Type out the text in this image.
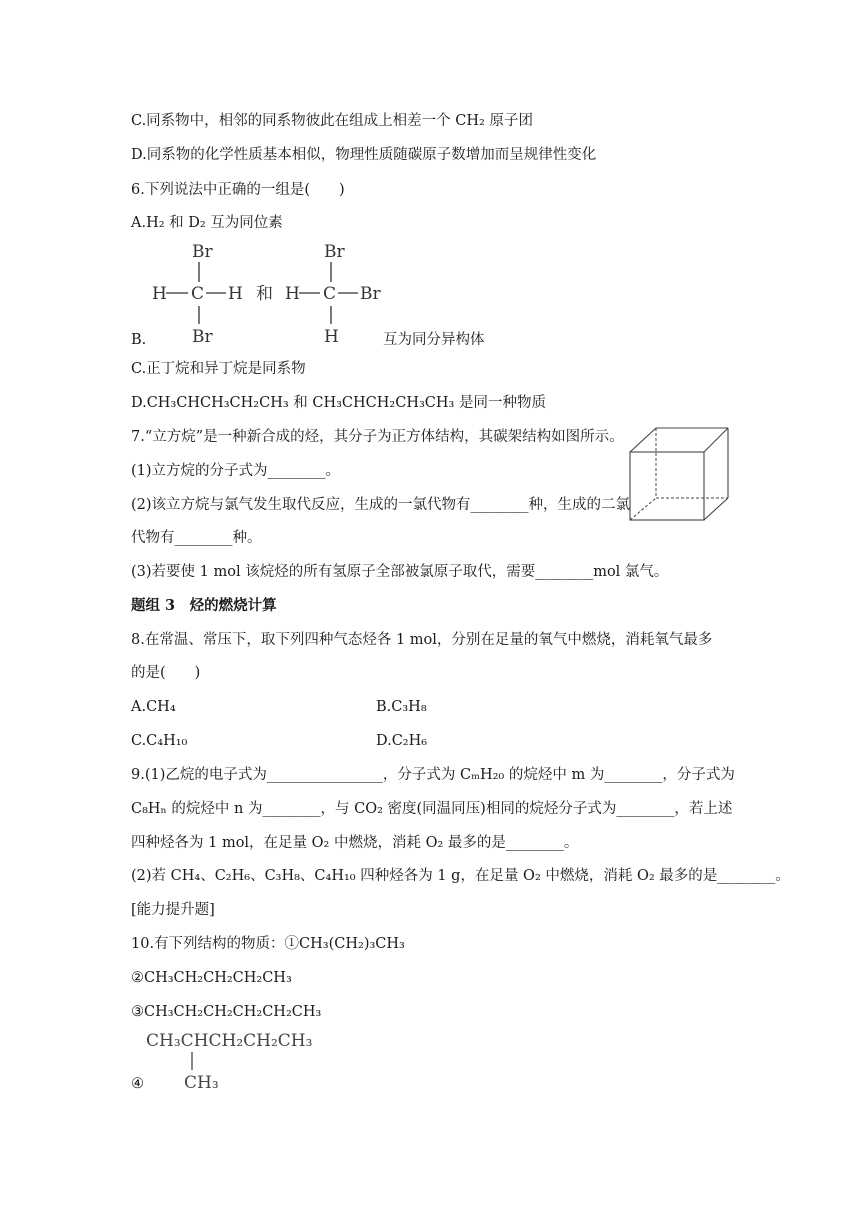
C.同系物中，相邻的同系物彼此在组成上相差一个 CH₂ 原子团
D.同系物的化学性质基本相似，物理性质随碳原子数增加而呈规律性变化
6.下列说法中正确的一组是(　　)
A.H₂ 和 D₂ 互为同位素
Br
H C H
Br
和
Br
H C Br
H
B.	互为同分异构体
C.正丁烷和异丁烷是同系物
D.CH₃CHCH₃CH₂CH₃ 和 CH₃CHCH₂CH₃CH₃ 是同一种物质
7.“立方烷”是一种新合成的烃，其分子为正方体结构，其碳架结构如图所示。
(1)立方烷的分子式为________。
(2)该立方烷与氯气发生取代反应，生成的一氯代物有________种，生成的二氯
代物有________种。
(3)若要使 1 mol 该烷烃的所有氢原子全部被氯原子取代，需要________mol 氯气。
题组 3　烃的燃烧计算
8.在常温、常压下，取下列四种气态烃各 1 mol，分别在足量的氧气中燃烧，消耗氧气最多
的是(　　)
A.CH₄	B.C₃H₈
C.C₄H₁₀	D.C₂H₆
9.(1)乙烷的电子式为________________，分子式为 CₘH₂₀ 的烷烃中 m 为________，分子式为
C₈Hₙ 的烷烃中 n 为________，与 CO₂ 密度(同温同压)相同的烷烃分子式为________，若上述
四种烃各为 1 mol，在足量 O₂ 中燃烧，消耗 O₂ 最多的是________。
(2)若 CH₄、C₂H₆、C₃H₈、C₄H₁₀ 四种烃各为 1 g，在足量 O₂ 中燃烧，消耗 O₂ 最多的是________。
[能力提升题]
10.有下列结构的物质：①CH₃(CH₂)₃CH₃
②CH₃CH₂CH₂CH₂CH₃
③CH₃CH₂CH₂CH₂CH₂CH₃
CH₃CHCH₂CH₂CH₃
CH₃
④
